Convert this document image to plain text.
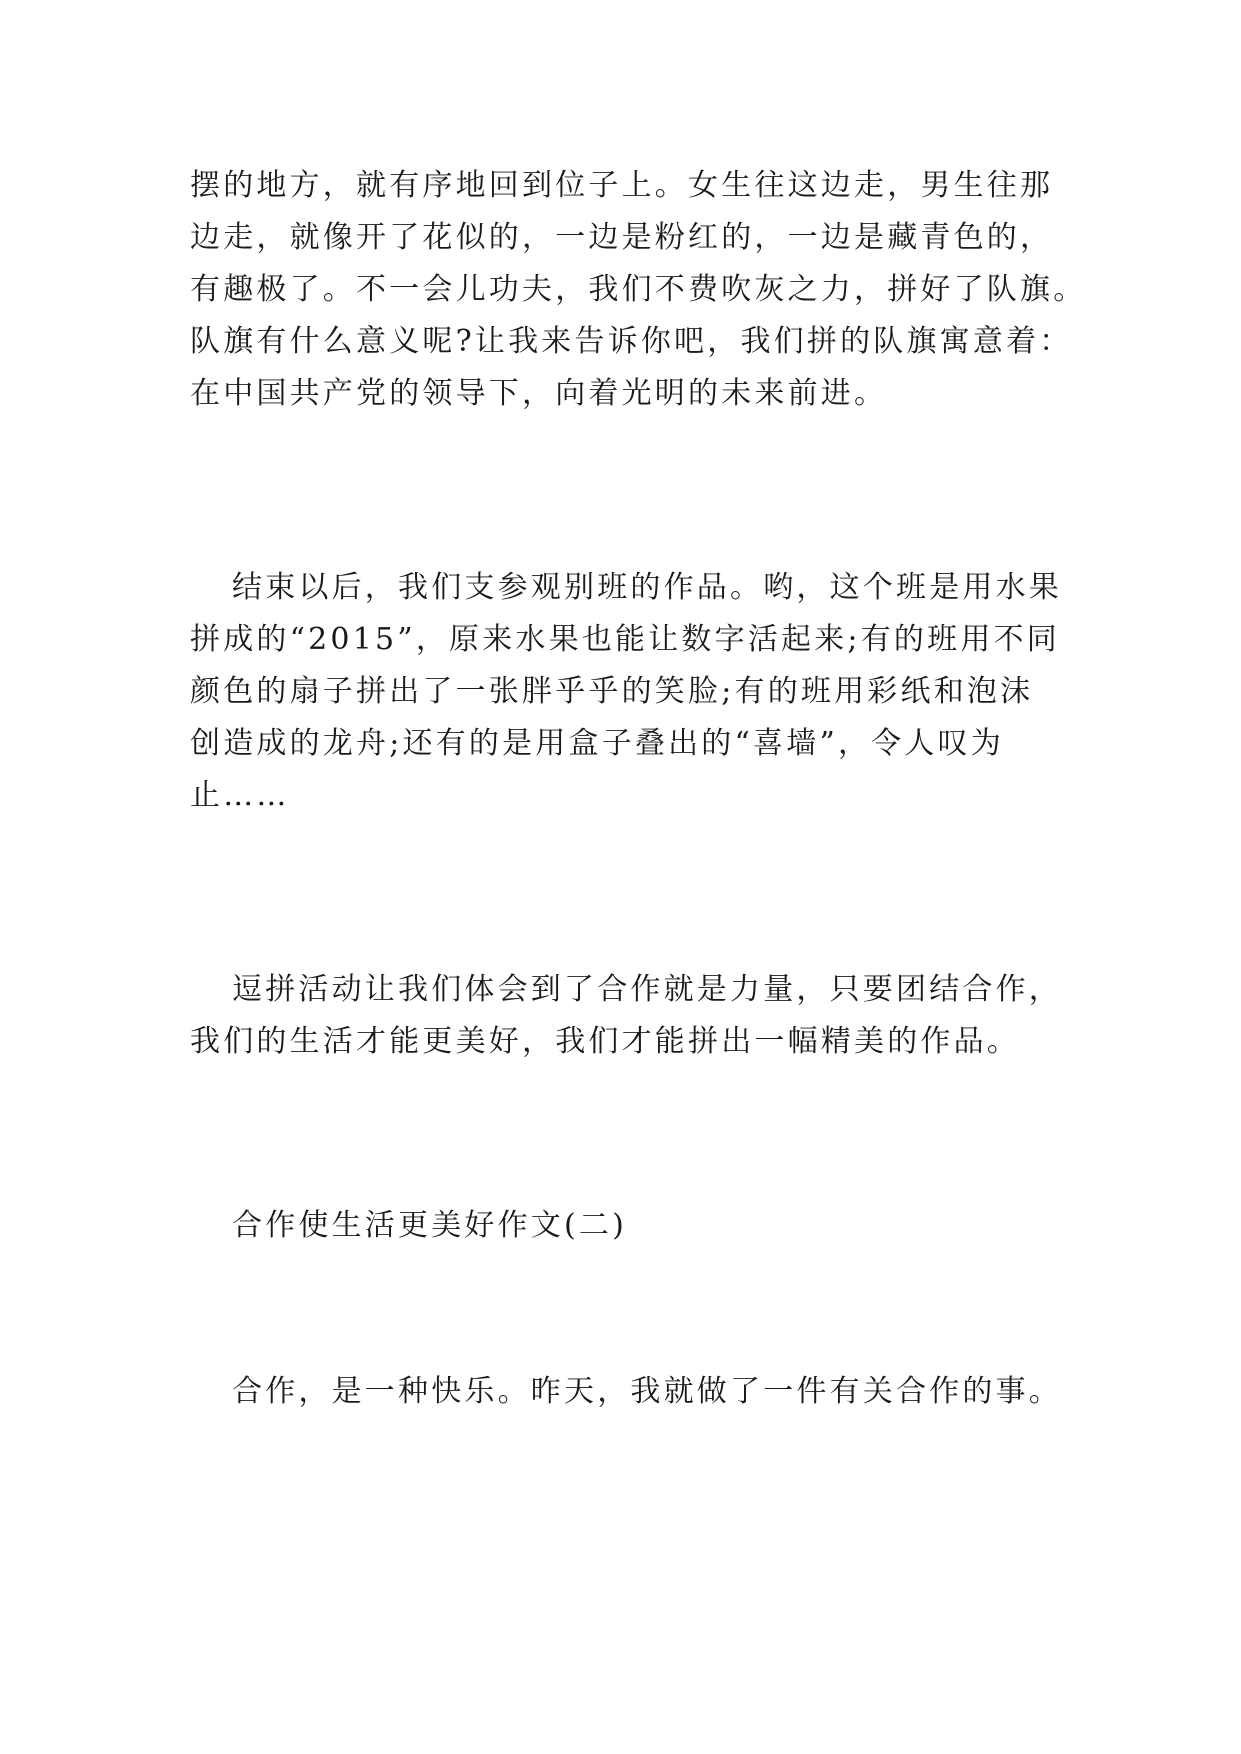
摆的地方，就有序地回到位子上。女生往这边走，男生往那
边走，就像开了花似的，一边是粉红的，一边是藏青色的，
有趣极了。不一会儿功夫，我们不费吹灰之力，拼好了队旗。
队旗有什么意义呢?让我来告诉你吧，我们拼的队旗寓意着：
在中国共产党的领导下，向着光明的未来前进。
结束以后，我们支参观别班的作品。哟，这个班是用水果
拼成的“2015”，原来水果也能让数字活起来;有的班用不同
颜色的扇子拼出了一张胖乎乎的笑脸;有的班用彩纸和泡沫
创造成的龙舟;还有的是用盒子叠出的“喜墙”，令人叹为
止……
逗拼活动让我们体会到了合作就是力量，只要团结合作，
我们的生活才能更美好，我们才能拼出一幅精美的作品。
合作使生活更美好作文(二)
合作，是一种快乐。昨天，我就做了一件有关合作的事。
